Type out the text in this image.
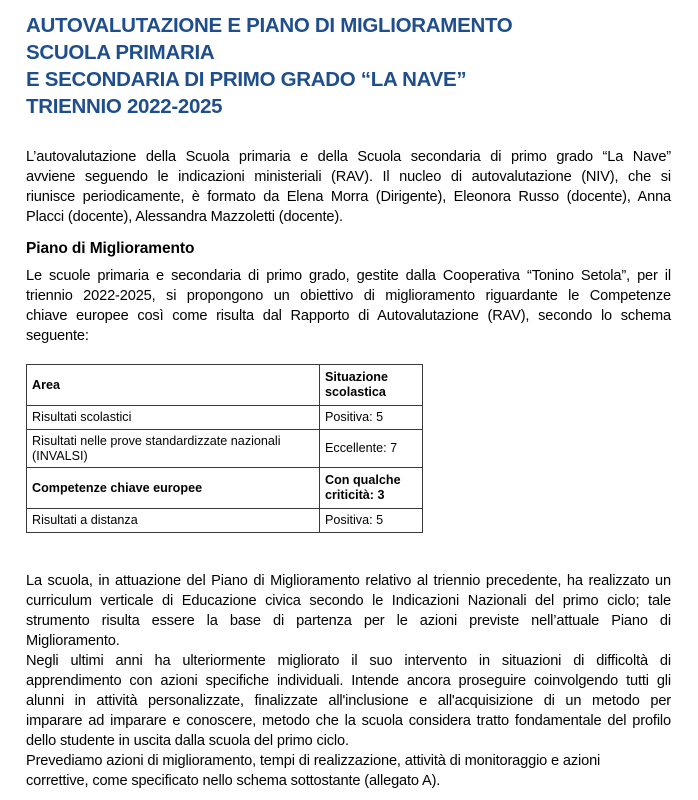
AUTOVALUTAZIONE E PIANO DI MIGLIORAMENTO
SCUOLA PRIMARIA
E SECONDARIA DI PRIMO GRADO “LA NAVE”
TRIENNIO 2022-2025
L’autovalutazione della Scuola primaria e della Scuola secondaria di primo grado “La Nave”
avviene seguendo le indicazioni ministeriali (RAV). Il nucleo di autovalutazione (NIV), che si
riunisce periodicamente, è formato da Elena Morra (Dirigente), Eleonora Russo (docente), Anna
Placci (docente), Alessandra Mazzoletti (docente).
Piano di Miglioramento
Le scuole primaria e secondaria di primo grado, gestite dalla Cooperativa “Tonino Setola”, per il
triennio 2022-2025, si propongono un obiettivo di miglioramento riguardante le Competenze
chiave europee così come risulta dal Rapporto di Autovalutazione (RAV), secondo lo schema
seguente:
Area	Situazione scolastica
Risultati scolastici	Positiva: 5
Risultati nelle prove standardizzate nazionali (INVALSI)	Eccellente: 7
Competenze chiave europee	Con qualche criticità: 3
Risultati a distanza	Positiva: 5
La scuola, in attuazione del Piano di Miglioramento relativo al triennio precedente, ha realizzato un
curriculum verticale di Educazione civica secondo le Indicazioni Nazionali del primo ciclo; tale
strumento risulta essere la base di partenza per le azioni previste nell’attuale Piano di
Miglioramento.
Negli ultimi anni ha ulteriormente migliorato il suo intervento in situazioni di difficoltà di
apprendimento con azioni specifiche individuali. Intende ancora proseguire coinvolgendo tutti gli
alunni in attività personalizzate, finalizzate all'inclusione e all'acquisizione di un metodo per
imparare ad imparare e conoscere, metodo che la scuola considera tratto fondamentale del profilo
dello studente in uscita dalla scuola del primo ciclo.
Prevediamo azioni di miglioramento, tempi di realizzazione, attività di monitoraggio e azioni
correttive, come specificato nello schema sottostante (allegato A).
